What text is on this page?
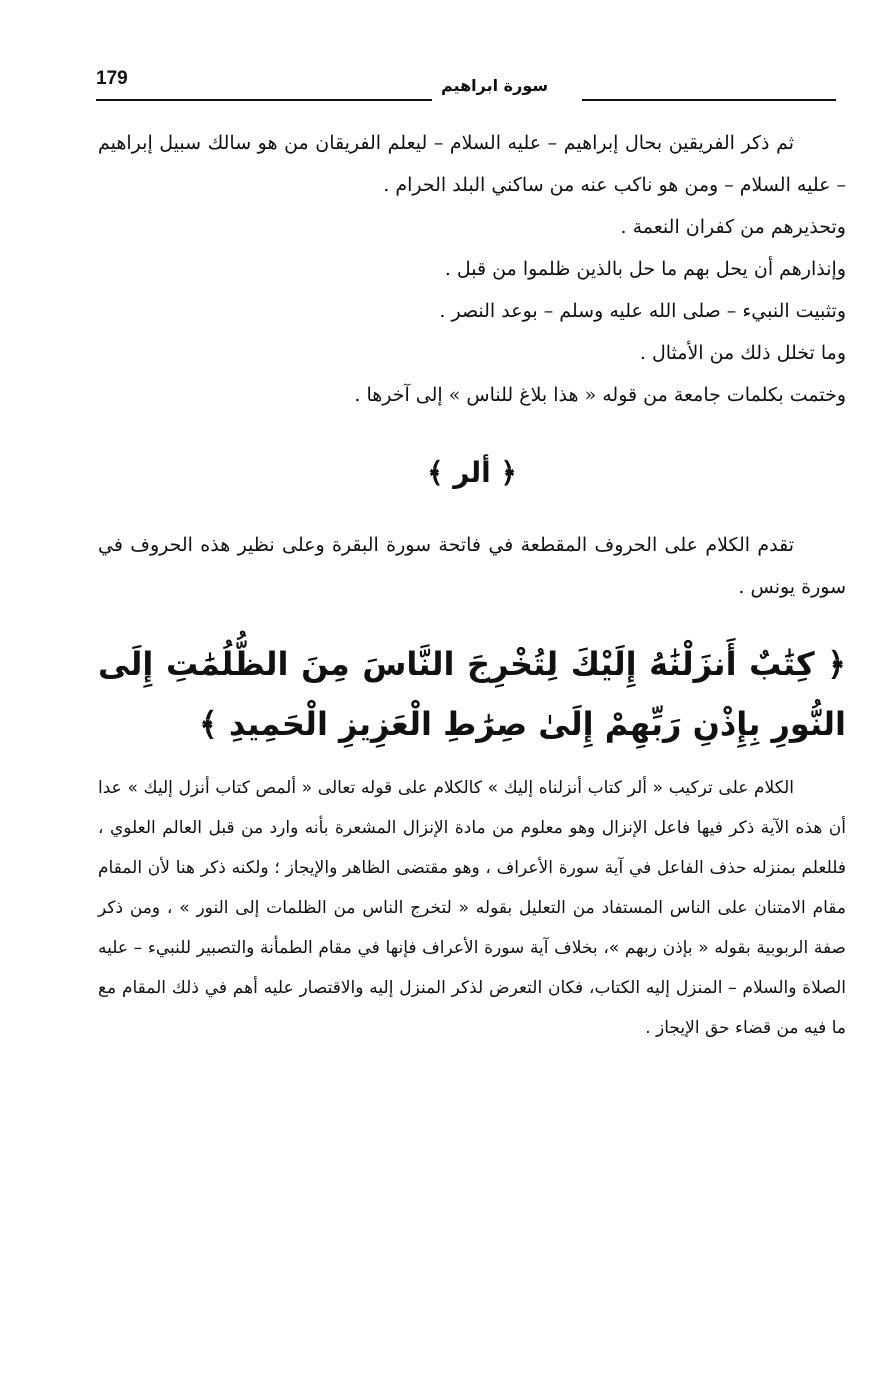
179	سورة ابراهيم

ثم ذكر الفريقين بحال إبراهيم – عليه السلام – ليعلم الفريقان من هو سالك سبيل إبراهيم – عليه السلام – ومن هو ناكب عنه من ساكني البلد الحرام .

وتحذيرهم من كفران النعمة .

وإنذارهم أن يحل بهم ما حل بالذين ظلموا من قبل .

وتثبيت النبيء – صلى الله عليه وسلم – بوعد النصر .

وما تخلل ذلك من الأمثال .

وختمت بكلمات جامعة من قوله « هذا بلاغ للناس » إلى آخرها .

﴿ ألر ﴾

تقدم الكلام على الحروف المقطعة في فاتحة سورة البقرة وعلى نظير هذه الحروف في سورة يونس .

﴿ كِتَٰبٌ أَنزَلْنَٰهُ إِلَيْكَ لِتُخْرِجَ النَّاسَ مِنَ الظُّلُمَٰتِ إِلَى النُّورِ بِإِذْنِ رَبِّهِمْ إِلَىٰ صِرَٰطِ الْعَزِيزِ الْحَمِيدِ ﴾

الكلام على تركيب « ألر كتاب أنزلناه إليك » كالكلام على قوله تعالى « ألمص كتاب أنزل إليك » عدا أن هذه الآية ذكر فيها فاعل الإنزال وهو معلوم من مادة الإنزال المشعرة بأنه وارد من قبل العالم العلوي ، فللعلم بمنزله حذف الفاعل في آية سورة الأعراف ، وهو مقتضى الظاهر والإيجاز ؛ ولكنه ذكر هنا لأن المقام مقام الامتنان على الناس المستفاد من التعليل بقوله « لتخرج الناس من الظلمات إلى النور » ، ومن ذكر صفة الربوبية بقوله « بإذن ربهم »، بخلاف آية سورة الأعراف فإنها في مقام الطمأنة والتصبير للنبيء – عليه الصلاة والسلام – المنزل إليه الكتاب، فكان التعرض لذكر المنزل إليه والاقتصار عليه أهم في ذلك المقام مع ما فيه من قضاء حق الإيجاز .
